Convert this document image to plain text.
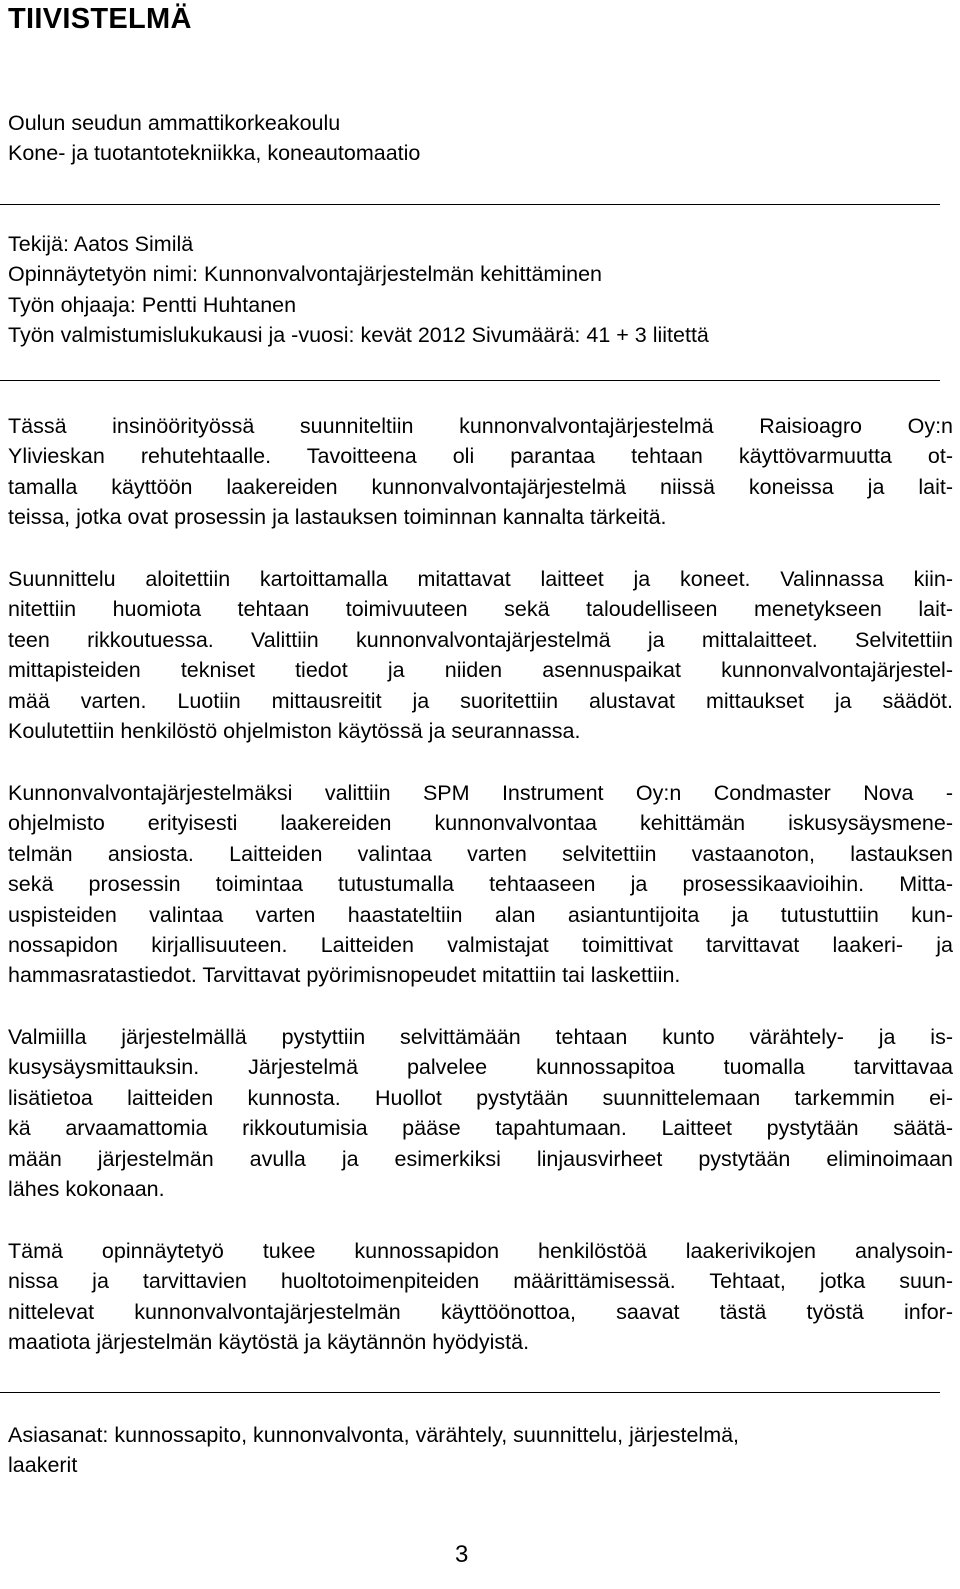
TIIVISTELMÄ
Oulun seudun ammattikorkeakoulu
Kone- ja tuotantotekniikka, koneautomaatio
Tekijä: Aatos Similä
Opinnäytetyön nimi: Kunnonvalvontajärjestelmän kehittäminen
Työn ohjaaja: Pentti Huhtanen
Työn valmistumislukukausi ja -vuosi: kevät 2012 Sivumäärä: 41 + 3 liitettä
Tässä insinöörityössä suunniteltiin kunnonvalvontajärjestelmä Raisioagro Oy:n
Ylivieskan rehutehtaalle. Tavoitteena oli parantaa tehtaan käyttövarmuutta ot-
tamalla käyttöön laakereiden kunnonvalvontajärjestelmä niissä koneissa ja lait-
teissa, jotka ovat prosessin ja lastauksen toiminnan kannalta tärkeitä.
Suunnittelu aloitettiin kartoittamalla mitattavat laitteet ja koneet. Valinnassa kiin-
nitettiin huomiota tehtaan toimivuuteen sekä taloudelliseen menetykseen lait-
teen rikkoutuessa. Valittiin kunnonvalvontajärjestelmä ja mittalaitteet. Selvitettiin
mittapisteiden tekniset tiedot ja niiden asennuspaikat kunnonvalvontajärjestel-
mää varten. Luotiin mittausreitit ja suoritettiin alustavat mittaukset ja säädöt.
Koulutettiin henkilöstö ohjelmiston käytössä ja seurannassa.
Kunnonvalvontajärjestelmäksi valittiin SPM Instrument Oy:n Condmaster Nova -
ohjelmisto erityisesti laakereiden kunnonvalvontaa kehittämän iskusysäysmene-
telmän ansiosta. Laitteiden valintaa varten selvitettiin vastaanoton, lastauksen
sekä prosessin toimintaa tutustumalla tehtaaseen ja prosessikaavioihin. Mitta-
uspisteiden valintaa varten haastateltiin alan asiantuntijoita ja tutustuttiin kun-
nossapidon kirjallisuuteen. Laitteiden valmistajat toimittivat tarvittavat laakeri- ja
hammasratastiedot. Tarvittavat pyörimisnopeudet mitattiin tai laskettiin.
Valmiilla järjestelmällä pystyttiin selvittämään tehtaan kunto värähtely- ja is-
kusysäysmittauksin. Järjestelmä palvelee kunnossapitoa tuomalla tarvittavaa
lisätietoa laitteiden kunnosta. Huollot pystytään suunnittelemaan tarkemmin ei-
kä arvaamattomia rikkoutumisia pääse tapahtumaan. Laitteet pystytään säätä-
mään järjestelmän avulla ja esimerkiksi linjausvirheet pystytään eliminoimaan
lähes kokonaan.
Tämä opinnäytetyö tukee kunnossapidon henkilöstöä laakerivikojen analysoin-
nissa ja tarvittavien huoltotoimenpiteiden määrittämisessä. Tehtaat, jotka suun-
nittelevat kunnonvalvontajärjestelmän käyttöönottoa, saavat tästä työstä infor-
maatiota järjestelmän käytöstä ja käytännön hyödyistä.
Asiasanat: kunnossapito, kunnonvalvonta, värähtely, suunnittelu, järjestelmä,
laakerit
3
